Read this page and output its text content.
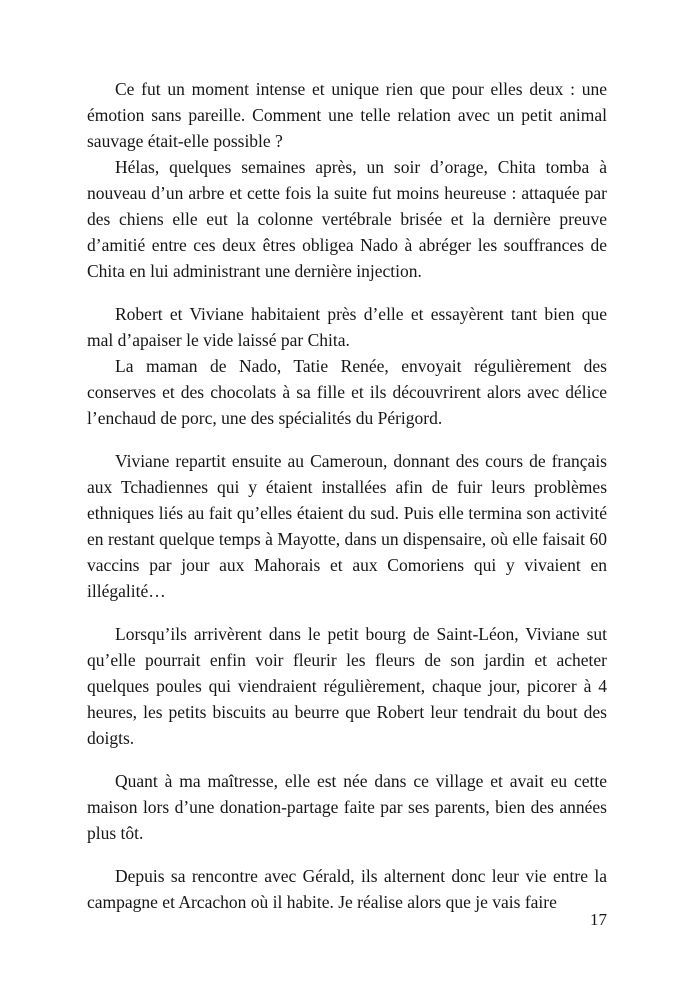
Ce fut un moment intense et unique rien que pour elles deux : une émotion sans pareille. Comment une telle relation avec un petit animal sauvage était-elle possible ?

Hélas, quelques semaines après, un soir d’orage, Chita tomba à nouveau d’un arbre et cette fois la suite fut moins heureuse : attaquée par des chiens elle eut la colonne vertébrale brisée et la dernière preuve d’amitié entre ces deux êtres obligea Nado à abréger les souffrances de Chita en lui administrant une dernière injection.

Robert et Viviane habitaient près d’elle et essayèrent tant bien que mal d’apaiser le vide laissé par Chita.

La maman de Nado, Tatie Renée, envoyait régulièrement des conserves et des chocolats à sa fille et ils découvrirent alors avec délice l’enchaud de porc, une des spécialités du Périgord.

Viviane repartit ensuite au Cameroun, donnant des cours de français aux Tchadiennes qui y étaient installées afin de fuir leurs problèmes ethniques liés au fait qu’elles étaient du sud. Puis elle termina son activité en restant quelque temps à Mayotte, dans un dispensaire, où elle faisait 60 vaccins par jour aux Mahorais et aux Comoriens qui y vivaient en illégalité…

Lorsqu’ils arrivèrent dans le petit bourg de Saint-Léon, Viviane sut qu’elle pourrait enfin voir fleurir les fleurs de son jardin et acheter quelques poules qui viendraient régulièrement, chaque jour, picorer à 4 heures, les petits biscuits au beurre que Robert leur tendrait du bout des doigts.

Quant à ma maîtresse, elle est née dans ce village et avait eu cette maison lors d’une donation-partage faite par ses parents, bien des années plus tôt.

Depuis sa rencontre avec Gérald, ils alternent donc leur vie entre la campagne et Arcachon où il habite. Je réalise alors que je vais faire

17
